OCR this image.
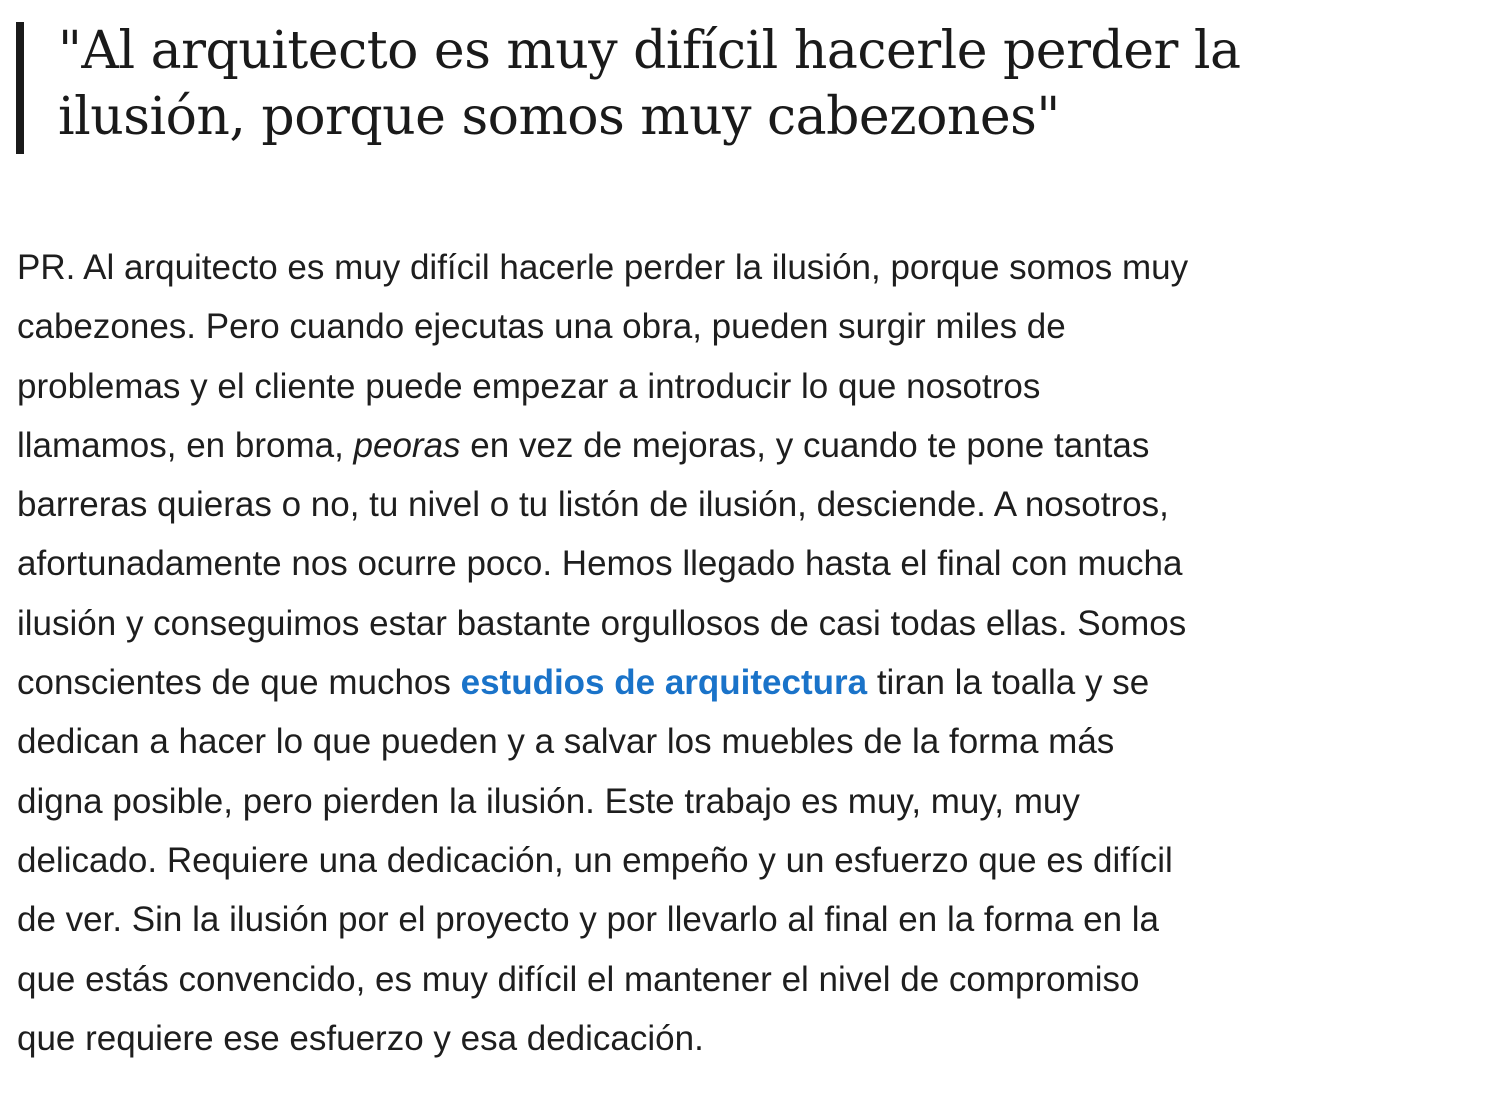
"Al arquitecto es muy difícil hacerle perder la
ilusión, porque somos muy cabezones"

PR. Al arquitecto es muy difícil hacerle perder la ilusión, porque somos muy
cabezones. Pero cuando ejecutas una obra, pueden surgir miles de
problemas y el cliente puede empezar a introducir lo que nosotros
llamamos, en broma, peoras en vez de mejoras, y cuando te pone tantas
barreras quieras o no, tu nivel o tu listón de ilusión, desciende. A nosotros,
afortunadamente nos ocurre poco. Hemos llegado hasta el final con mucha
ilusión y conseguimos estar bastante orgullosos de casi todas ellas. Somos
conscientes de que muchos estudios de arquitectura tiran la toalla y se
dedican a hacer lo que pueden y a salvar los muebles de la forma más
digna posible, pero pierden la ilusión. Este trabajo es muy, muy, muy
delicado. Requiere una dedicación, un empeño y un esfuerzo que es difícil
de ver. Sin la ilusión por el proyecto y por llevarlo al final en la forma en la
que estás convencido, es muy difícil el mantener el nivel de compromiso
que requiere ese esfuerzo y esa dedicación.
